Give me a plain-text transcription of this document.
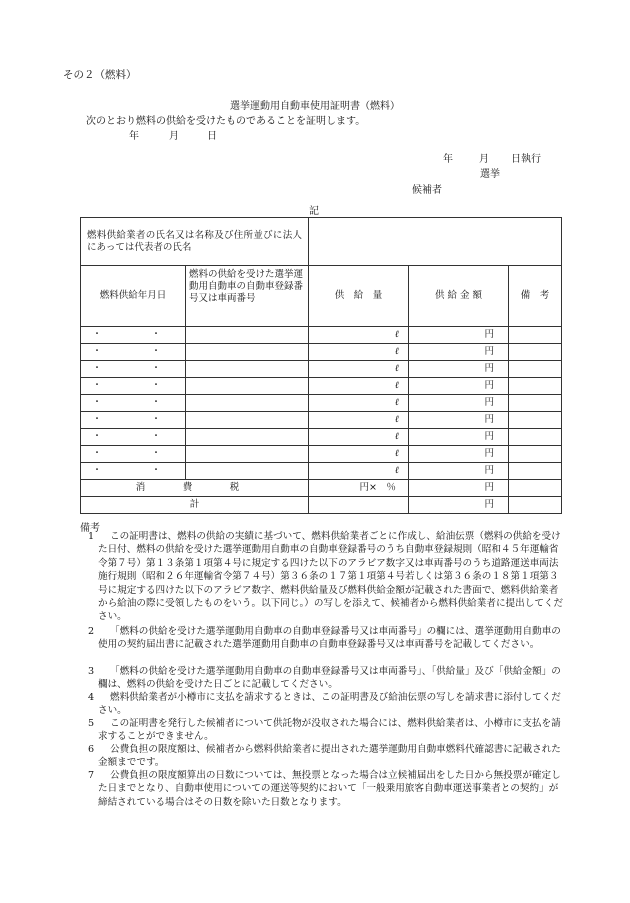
その２（燃料）
選挙運動用自動車使用証明書（燃料）
次のとおり燃料の供給を受けたものであることを証明します。
年	月	日
年	月 日執行
選挙
候補者
記
燃料供給業者の氏名又は名称及び住所並びに法人にあっては代表者の氏名				
燃料供給年月日	燃料の供給を受けた選挙運動用自動車の自動車登録番号又は車両番号	供　給　量	供 給 金 額	備　考
・　・		ℓ	円	
・　・		ℓ	円	
・　・		ℓ	円	
・　・		ℓ	円	
・　・		ℓ	円	
・　・		ℓ	円	
・　・		ℓ	円	
・　・		ℓ	円	
・　・		ℓ	円	
消　費　税		円×　％	円	
計			円	
備考
1	この証明書は、燃料の供給の実績に基づいて、燃料供給業者ごとに作成し、給油伝票（燃料の供給を受けた日付、燃料の供給を受けた選挙運動用自動車の自動車登録番号のうち自動車登録規則（昭和４５年運輸省令第７号）第１３条第１項第４号に規定する四けた以下のアラビア数字又は車両番号のうち道路運送車両法施行規則（昭和２６年運輸省令第７４号）第３６条の１７第１項第４号若しくは第３６条の１８第１項第３号に規定する四けた以下のアラビア数字、燃料供給量及び燃料供給金額が記載された書面で、燃料供給業者から給油の際に受領したものをいう。以下同じ。）の写しを添えて、候補者から燃料供給業者に提出してください。
2	「燃料の供給を受けた選挙運動用自動車の自動車登録番号又は車両番号」の欄には、選挙運動用自動車の使用の契約届出書に記載された選挙運動用自動車の自動車登録番号又は車両番号を記載してください。
3	「燃料の供給を受けた選挙運動用自動車の自動車登録番号又は車両番号」、「供給量」及び「供給金額」の欄は、燃料の供給を受けた日ごとに記載してください。
4	燃料供給業者が小樽市に支払を請求するときは、この証明書及び給油伝票の写しを請求書に添付してください。
5	この証明書を発行した候補者について供託物が没収された場合には、燃料供給業者は、小樽市に支払を請求することができません。
6	公費負担の限度額は、候補者から燃料供給業者に提出された選挙運動用自動車燃料代確認書に記載された金額までです。
7	公費負担の限度額算出の日数については、無投票となった場合は立候補届出をした日から無投票が確定した日までとなり、自動車使用についての運送等契約において「一般乗用旅客自動車運送事業者との契約」が締結されている場合はその日数を除いた日数となります。
